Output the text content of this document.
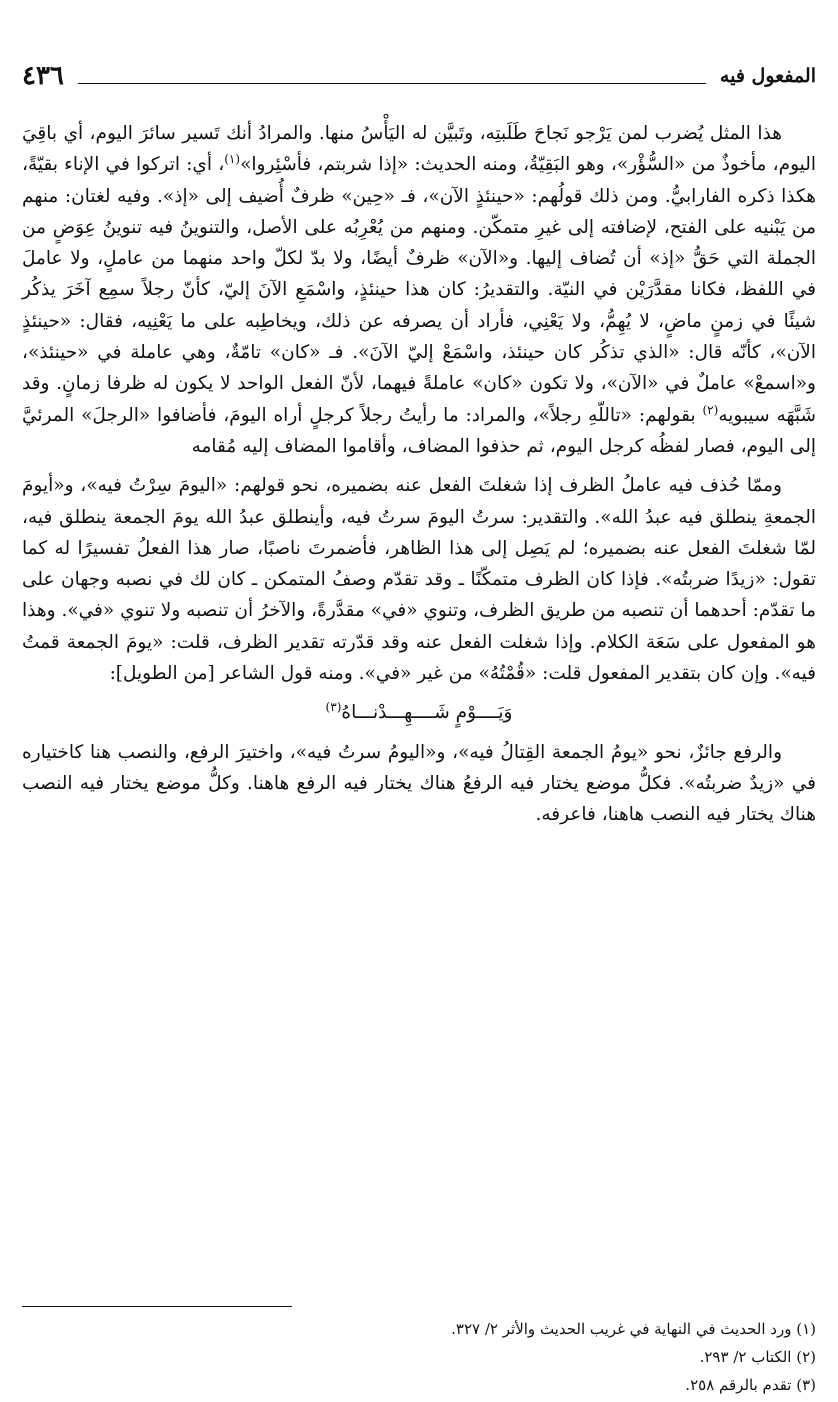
المفعول فيه
٤٣٦

هذا المثل يُضرب لمن يَرْجو نَجاحَ طَلَبتِه، وتَبيَّن له اليَأْسُ منها. والمرادُ أنك تَسير سائرَ اليوم، أي باقِيَ اليوم، مأخوذٌ من «السُّؤْر»، وهو البَقِيّةُ، ومنه الحديث: «إذا شربتم، فأسْئِروا»$^{(١)}$، أي: اتركوا في الإناء بقيّةً، هكذا ذكره الفارابيُّ. ومن ذلك قولُهم: «حينئذٍ الآن»، فـ «حِين» ظرفٌ أُضيف إلى «إذ». وفيه لغتان: منهم من يَبْنيه على الفتح، لإضافته إلى غيرِ متمكّن. ومنهم من يُعْرِبُه على الأصل، والتنوينُ فيه تنوينُ عِوَضٍ من الجملة التي حَقُّ «إذ» أن تُضاف إليها. و«الآن» ظرفٌ أيضًا، ولا بدّ لكلّ واحد منهما من عاملٍ، ولا عاملَ في اللفظ، فكانا مقدَّرَيْن في النيّة. والتقديرُ: كان هذا حينئذٍ، واسْمَعِ الآنَ إليّ، كأنّ رجلاً سمِع آخَرَ يذكُر شيئًا في زمنٍ ماضٍ، لا يُهِمُّ، ولا يَعْنِي، فأراد أن يصرفه عن ذلك، ويخاطِبه على ما يَعْنِيه، فقال: «حينئذٍ الآن»، كأنّه قال: «الذي تذكُر كان حينئذ، واسْمَعْ إليّ الآنَ». فـ «كان» تامّةٌ، وهي عاملة في «حينئذ»، و«اسمعْ» عاملٌ في «الآن»، ولا تكون «كان» عاملةً فيهما، لأنّ الفعل الواحد لا يكون له ظرفا زمانٍ. وقد شَبَّهَه سيبويه$^{(٢)}$ بقولهم: «تاللّهِ رجلاً»، والمراد: ما رأيتُ رجلاً كرجلٍ أراه اليومَ، فأضافوا «الرجلَ» المرئيَّ إلى اليوم، فصار لفظُه كرجل اليوم، ثم حذفوا المضاف، وأقاموا المضاف إليه مُقامه

وممّا حُذف فيه عاملُ الظرف إذا شغلتَ الفعل عنه بضميره، نحو قولهم: «اليومَ سِرْتُ فيه»، و«أيومَ الجمعةِ ينطلق فيه عبدُ الله». والتقدير: سرتُ اليومَ سرتُ فيه، وأينطلق عبدُ الله يومَ الجمعة ينطلق فيه، لمّا شغلتَ الفعل عنه بضميره؛ لم يَصِل إلى هذا الظاهر، فأضمرتَ ناصبًا، صار هذا الفعلُ تفسيرًا له كما تقول: «زيدًا ضربتُه». فإذا كان الظرف متمكّنًا ـ وقد تقدّم وصفُ المتمكن ـ كان لك في نصبه وجهان على ما تقدّم: أحدهما أن تنصبه من طريق الظرف، وتنوي «في» مقدَّرةً، والآخرُ أن تنصبه ولا تنوي «في». وهذا هو المفعول على سَعَة الكلام. وإذا شغلت الفعل عنه وقد قدّرته تقدير الظرف، قلت: «يومَ الجمعة قمتُ فيه». وإن كان بتقدير المفعول قلت: «قُمْتُهُ» من غير «في». ومنه قول الشاعر [من الطويل]:

وَيَــــوْمٍ شَــــهِـــدْنـــاهُ$^{(٣)}$

والرفع جائزٌ، نحو «يومُ الجمعة القِتالُ فيه»، و«اليومُ سرتُ فيه»، واختيرَ الرفع، والنصب هنا كاختياره في «زيدٌ ضربتُه». فكلُّ موضع يختار فيه الرفعُ هناك يختار فيه الرفع هاهنا. وكلُّ موضع يختار فيه النصب هناك يختار فيه النصب هاهنا، فاعرفه.

(١) ورد الحديث في النهاية في غريب الحديث والأثر ٢/ ٣٢٧.

(٢) الكتاب ٢/ ٢٩٣.

(٣) تقدم بالرقم ٢٥٨.
